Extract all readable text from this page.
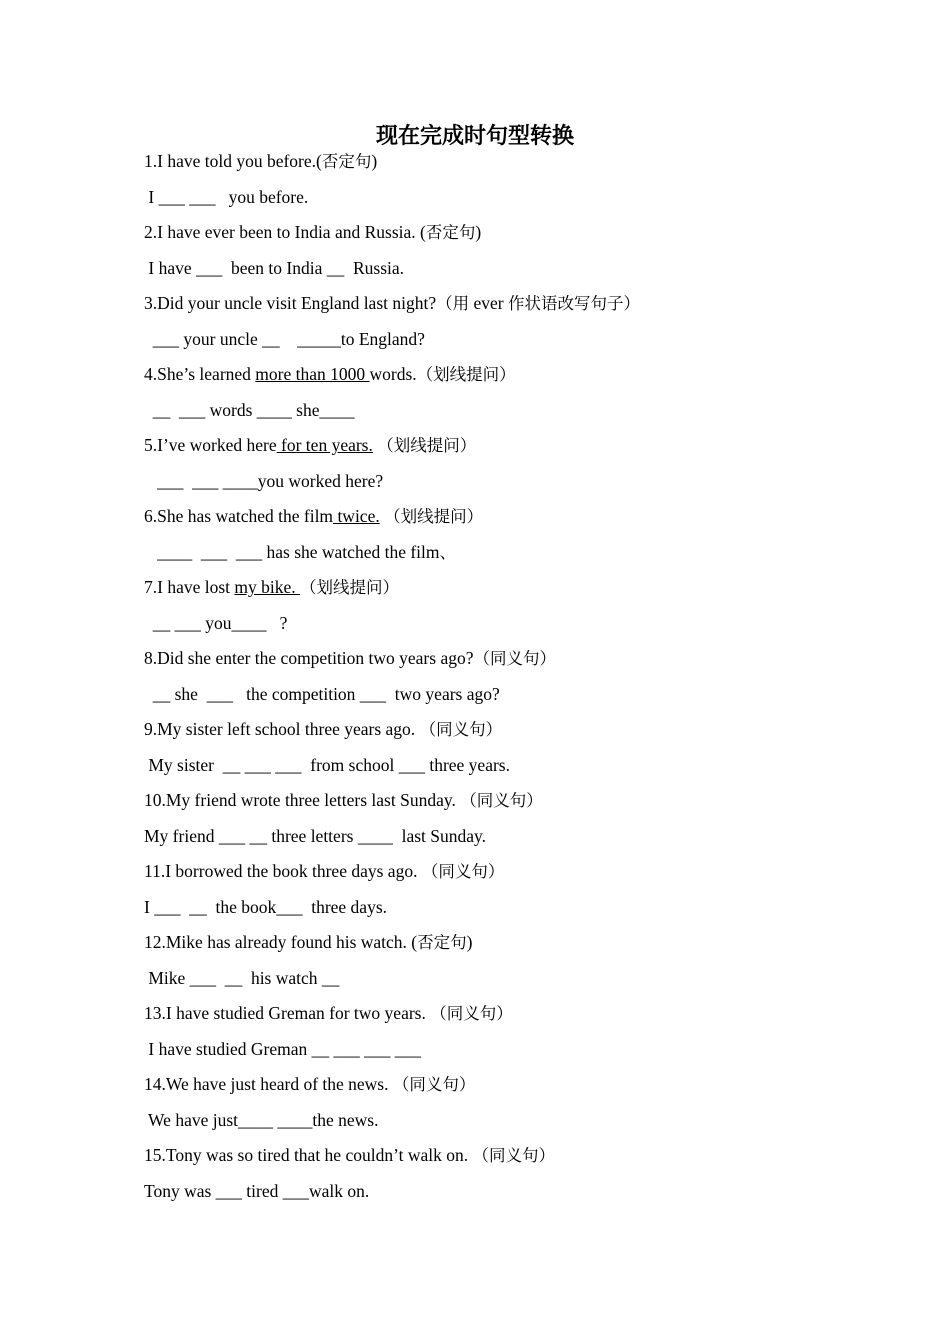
现在完成时句型转换
1.I have told you before.(否定句)
I ___ ___   you before.
2.I have ever been to India and Russia. (否定句)
I have ___  been to India __  Russia.
3.Did your uncle visit England last night?（用 ever 作状语改写句子）
___ your uncle __    _____to England?
4.She’s learned more than 1000 words.（划线提问）
__  ___ words ____ she____
5.I’ve worked here for ten years. （划线提问）
___  ___ ____you worked here?
6.She has watched the film twice. （划线提问）
____  ___  ___ has she watched the film、
7.I have lost my bike. （划线提问）
__ ___ you____   ?
8.Did she enter the competition two years ago?（同义句）
__ she  ___   the competition ___  two years ago?
9.My sister left school three years ago. （同义句）
My sister  __ ___ ___  from school ___ three years.
10.My friend wrote three letters last Sunday. （同义句）
My friend ___ __ three letters ____  last Sunday.
11.I borrowed the book three days ago. （同义句）
I ___  __  the book___  three days.
12.Mike has already found his watch. (否定句)
Mike ___  __  his watch __
13.I have studied Greman for two years. （同义句）
I have studied Greman __ ___ ___ ___
14.We have just heard of the news. （同义句）
We have just____ ____the news.
15.Tony was so tired that he couldn’t walk on. （同义句）
Tony was ___ tired ___walk on.
